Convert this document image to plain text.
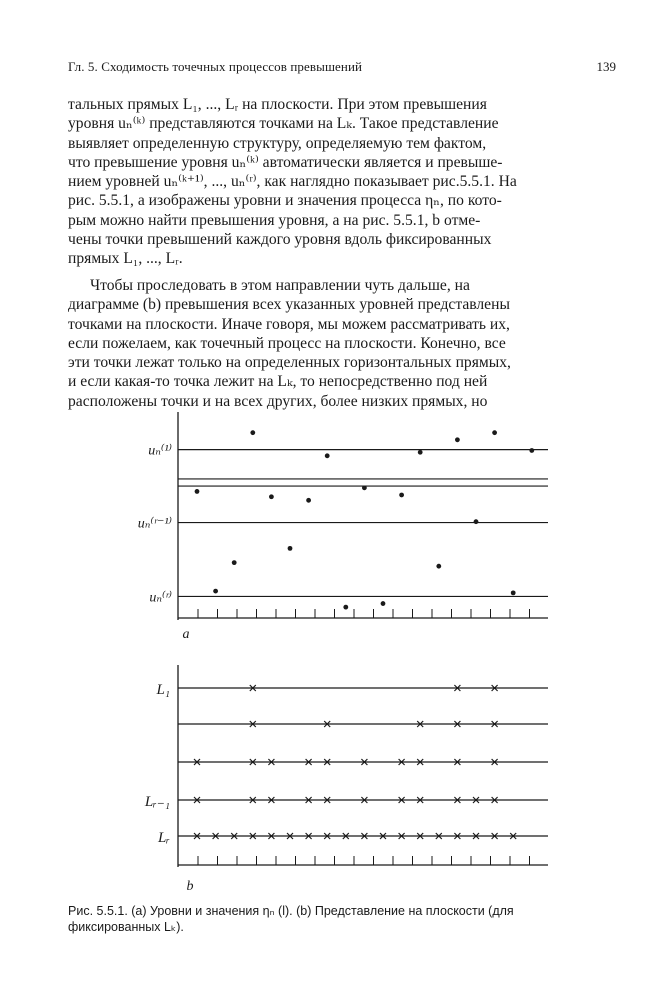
Гл. 5. Сходимость точечных процессов превышений	139

тальных прямых L₁, ..., Lᵣ на плоскости. При этом превышения
уровня uₙ⁽ᵏ⁾ представляются точками на Lₖ. Такое представление
выявляет определенную структуру, определяемую тем фактом,
что превышение уровня uₙ⁽ᵏ⁾ автоматически является и превыше-
нием уровней uₙ⁽ᵏ⁺¹⁾, ..., uₙ⁽ʳ⁾, как наглядно показывает рис.5.5.1. На
рис. 5.5.1, a изображены уровни и значения процесса ηₙ, по кото-
рым можно найти превышения уровня, а на рис. 5.5.1, b отме-
чены точки превышений каждого уровня вдоль фиксированных
прямых L₁, ..., Lᵣ.

Чтобы проследовать в этом направлении чуть дальше, на
диаграмме (b) превышения всех указанных уровней представлены
точками на плоскости. Иначе говоря, мы можем рассматривать их,
если пожелаем, как точечный процесс на плоскости. Конечно, все
эти точки лежат только на определенных горизонтальных прямых,
и если какая-то точка лежит на Lₖ, то непосредственно под ней
расположены точки и на всех других, более низких прямых, но

uₙ⁽¹⁾
uₙ⁽ʳ⁻¹⁾
uₙ⁽ʳ⁾
a
L₁
Lᵣ₋₁
Lᵣ
b
Рис. 5.5.1. (a) Уровни и значения ηₙ (l). (b) Представление на плоскости (для
фиксированных Lₖ).
